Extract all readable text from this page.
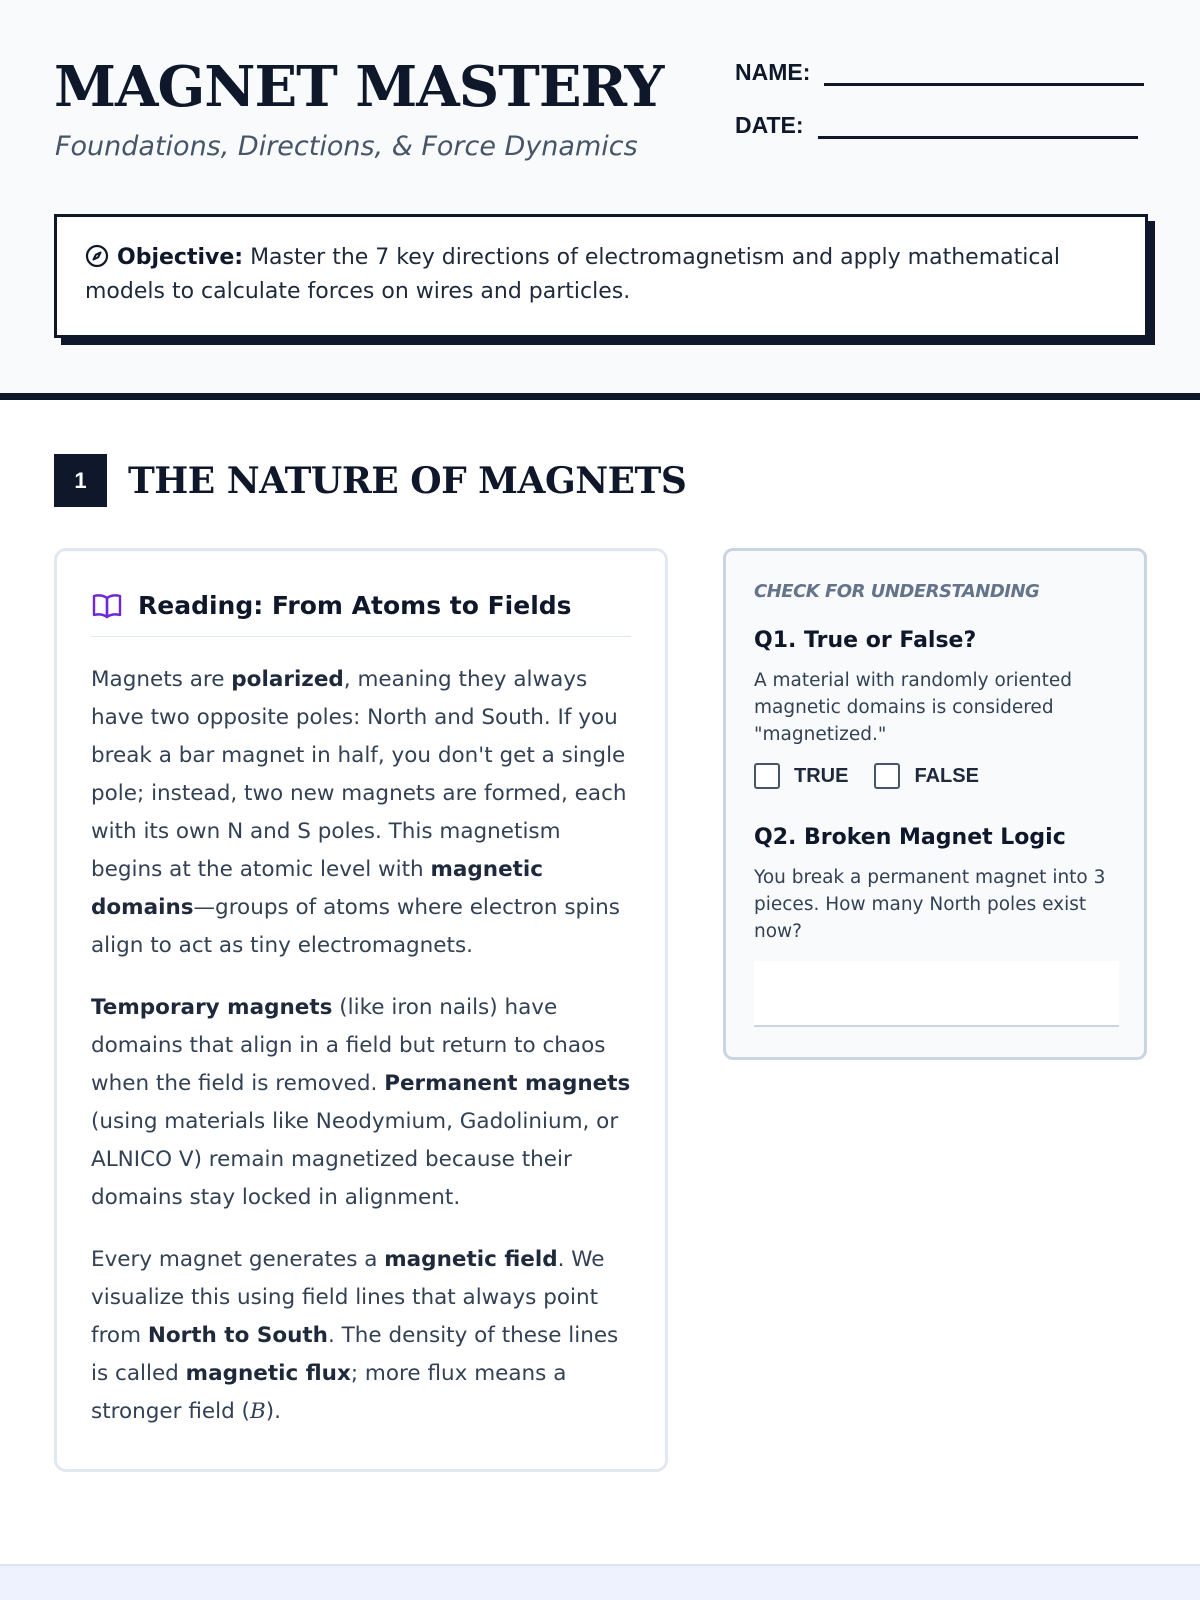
MAGNET MASTERY
Foundations, Directions, & Force Dynamics
NAME:
DATE:
Objective: Master the 7 key directions of electromagnetism and apply mathematical models to calculate forces on wires and particles.
1	THE NATURE OF MAGNETS
Reading: From Atoms to Fields

Magnets are polarized, meaning they always have two opposite poles: North and South. If you break a bar magnet in half, you don't get a single pole; instead, two new magnets are formed, each with its own N and S poles. This magnetism begins at the atomic level with magnetic domains—groups of atoms where electron spins align to act as tiny electromagnets.

Temporary magnets (like iron nails) have domains that align in a field but return to chaos when the field is removed. Permanent magnets (using materials like Neodymium, Gadolinium, or ALNICO V) remain magnetized because their domains stay locked in alignment.

Every magnet generates a magnetic field. We visualize this using field lines that always point from North to South. The density of these lines is called magnetic flux; more flux means a stronger field (B).

CHECK FOR UNDERSTANDING
Q1. True or False?
A material with randomly oriented magnetic domains is considered "magnetized."
TRUE	FALSE
Q2. Broken Magnet Logic
You break a permanent magnet into 3 pieces. How many North poles exist now?
